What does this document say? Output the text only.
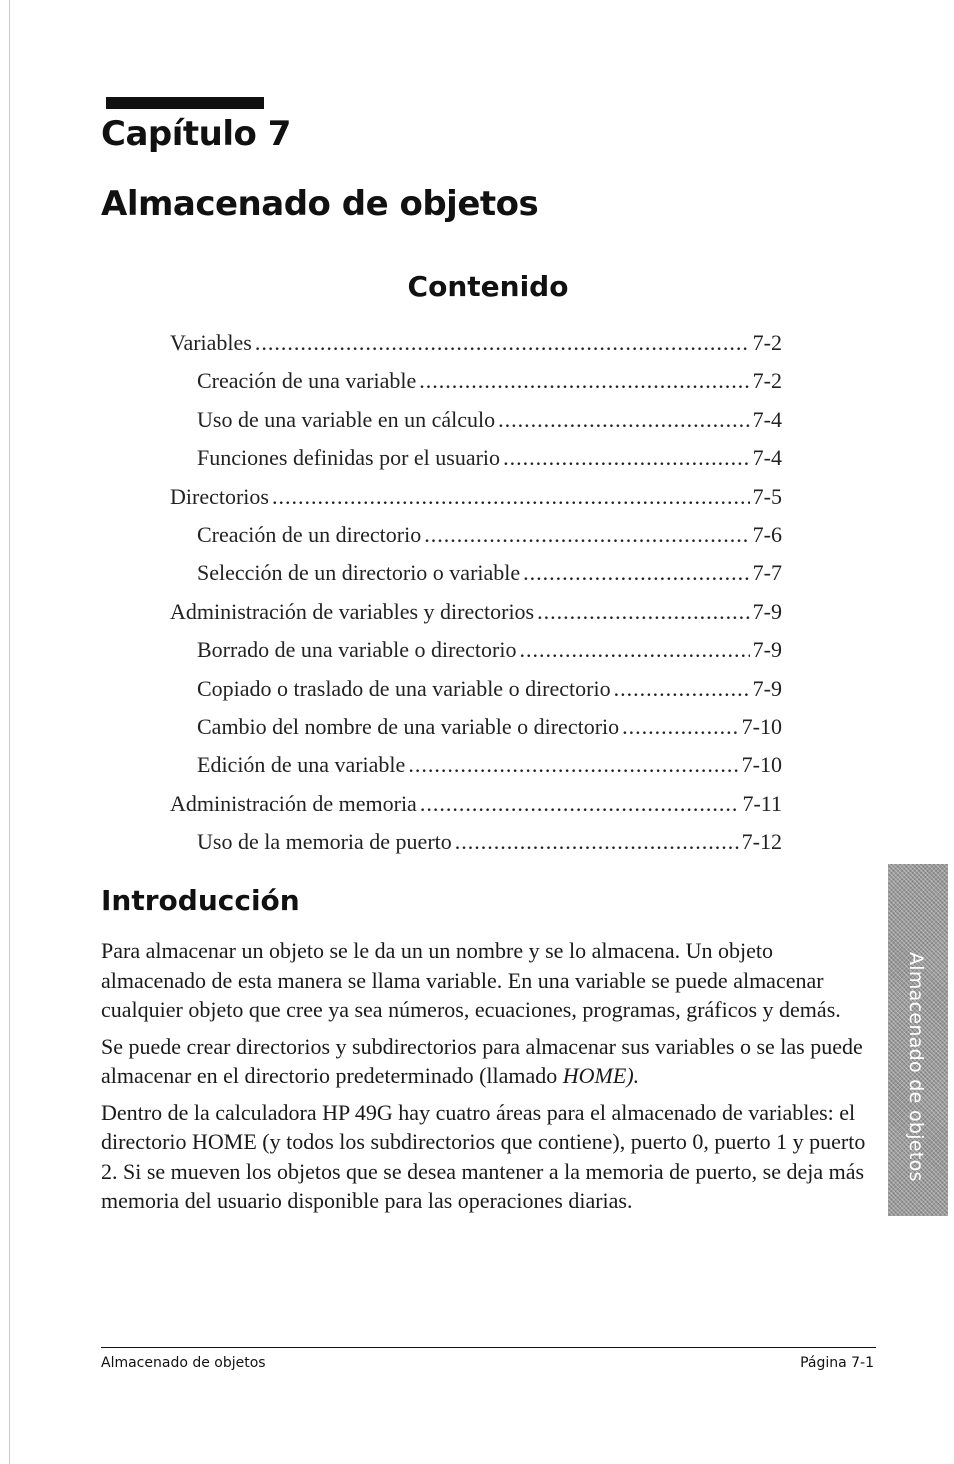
Capítulo 7
Almacenado de objetos
Contenido
Variables .....	7-2
Creación de una variable .....	7-2
Uso de una variable en un cálculo .....	7-4
Funciones definidas por el usuario .....	7-4
Directorios .....	7-5
Creación de un directorio .....	7-6
Selección de un directorio o variable .....	7-7
Administración de variables y directorios .....	7-9
Borrado de una variable o directorio .....	7-9
Copiado o traslado de una variable o directorio .....	7-9
Cambio del nombre de una variable o directorio .....	7-10
Edición de una variable .....	7-10
Administración de memoria .....	7-11
Uso de la memoria de puerto .....	7-12
Introducción

Para almacenar un objeto se le da un un nombre y se lo almacena. Un objeto almacenado de esta manera se llama variable. En una variable se puede almacenar cualquier objeto que cree ya sea números, ecuaciones, programas, gráficos y demás.

Se puede crear directorios y subdirectorios para almacenar sus variables o se las puede almacenar en el directorio predeterminado (llamado HOME).

Dentro de la calculadora HP 49G hay cuatro áreas para el almacenado de variables: el directorio HOME (y todos los subdirectorios que contiene), puerto 0, puerto 1 y puerto 2. Si se mueven los objetos que se desea mantener a la memoria de puerto, se deja más memoria del usuario disponible para las operaciones diarias.

Almacenado de objetos
Almacenado de objetos	Página 7-1
